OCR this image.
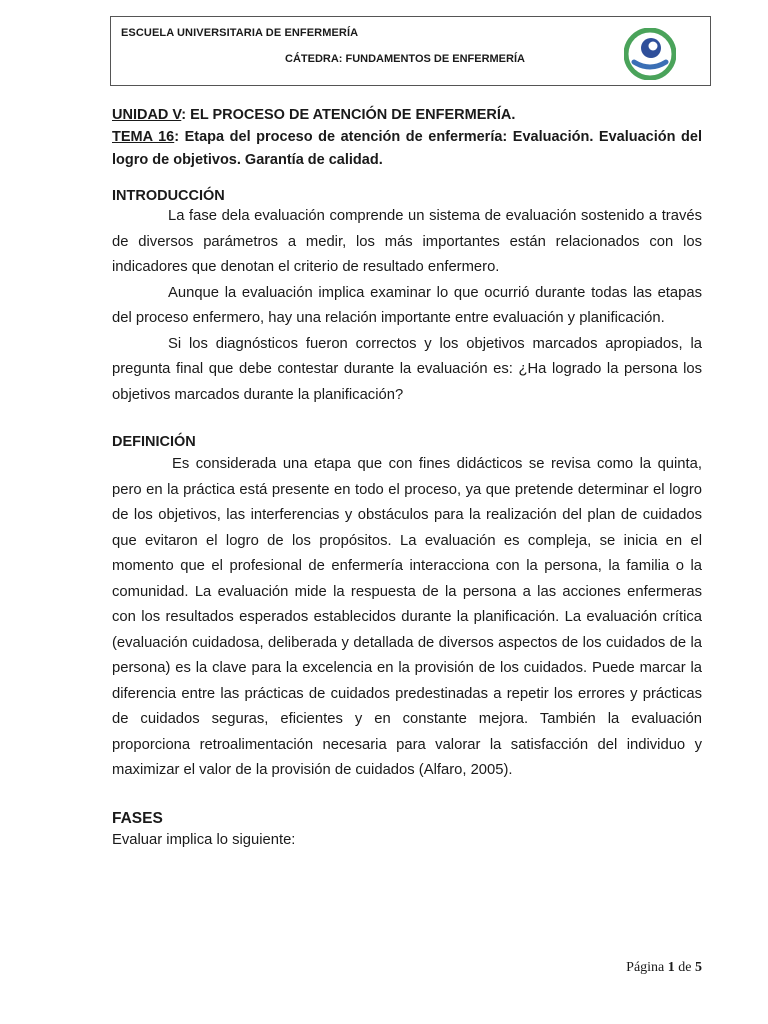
ESCUELA UNIVERSITARIA DE ENFERMERÍA
CÁTEDRA: FUNDAMENTOS DE ENFERMERÍA

UNIDAD V: EL PROCESO DE ATENCIÓN DE ENFERMERÍA.

TEMA 16: Etapa del proceso de atención de enfermería: Evaluación. Evaluación del logro de objetivos. Garantía de calidad.

INTRODUCCIÓN

La fase dela evaluación comprende un sistema de evaluación sostenido a través de diversos parámetros a medir, los más importantes están relacionados con los indicadores que denotan el criterio de resultado enfermero.

Aunque la evaluación implica examinar lo que ocurrió durante todas las etapas del proceso enfermero, hay una relación importante entre evaluación y planificación.

Si los diagnósticos fueron correctos y los objetivos marcados apropiados, la pregunta final que debe contestar durante la evaluación es: ¿Ha logrado la persona los objetivos marcados durante la planificación?

DEFINICIÓN

Es considerada una etapa que con fines didácticos se revisa como la quinta, pero en la práctica está presente en todo el proceso, ya que pretende determinar el logro de los objetivos, las interferencias y obstáculos para la realización del plan de cuidados que evitaron el logro de los propósitos. La evaluación es compleja, se inicia en el momento que el profesional de enfermería interacciona con la persona, la familia o la comunidad. La evaluación mide la respuesta de la persona a las acciones enfermeras con los resultados esperados establecidos durante la planificación. La evaluación crítica (evaluación cuidadosa, deliberada y detallada de diversos aspectos de los cuidados de la persona) es la clave para la excelencia en la provisión de los cuidados. Puede marcar la diferencia entre las prácticas de cuidados predestinadas a repetir los errores y prácticas de cuidados seguras, eficientes y en constante mejora. También la evaluación proporciona retroalimentación necesaria para valorar la satisfacción del individuo y maximizar el valor de la provisión de cuidados (Alfaro, 2005).

FASES

Evaluar implica lo siguiente:

Página 1 de 5
